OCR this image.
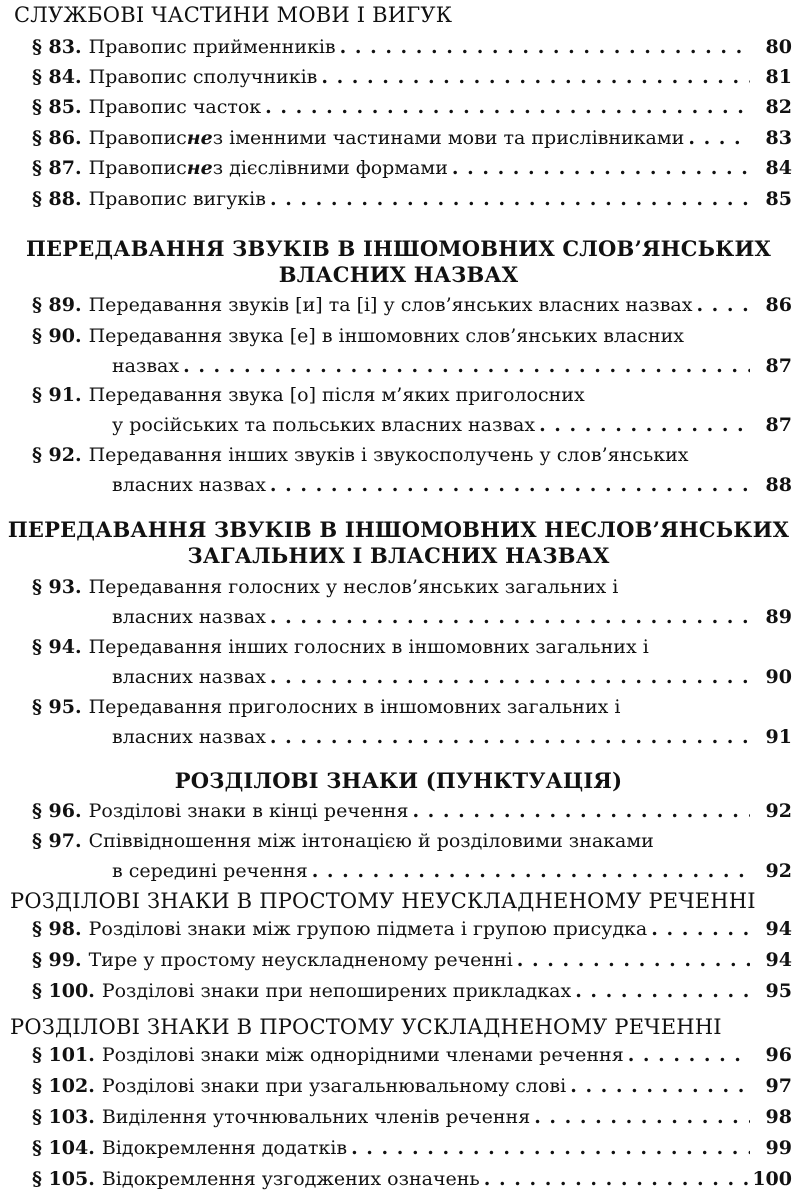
СЛУЖБОВІ ЧАСТИНИ МОВИ І ВИГУК
§ 83. Правопис прийменників . . .	80
§ 84. Правопис сполучників . . .	81
§ 85. Правопис часток . . .	82
§ 86. Правопис не з іменними частинами мови та прислівниками . . .	83
§ 87. Правопис не з дієслівними формами . . .	84
§ 88. Правопис вигуків . . .	85
ПЕРЕДАВАННЯ ЗВУКІВ В ІНШОМОВНИХ СЛОВ’ЯНСЬКИХ
ВЛАСНИХ НАЗВАХ
§ 89. Передавання звуків [и] та [і] у слов’янських власних назвах . . .	86
§ 90. Передавання звука [е] в іншомовних слов’янських власних
назвах . . .	87
§ 91. Передавання звука [о] після м’яких приголосних
у російських та польських власних назвах . . .	87
§ 92. Передавання інших звуків і звукосполучень у слов’янських
власних назвах . . .	88
ПЕРЕДАВАННЯ ЗВУКІВ В ІНШОМОВНИХ НЕСЛОВ’ЯНСЬКИХ
ЗАГАЛЬНИХ І ВЛАСНИХ НАЗВАХ
§ 93. Передавання голосних у неслов’янських загальних і
власних назвах . . .	89
§ 94. Передавання інших голосних в іншомовних загальних і
власних назвах . . .	90
§ 95. Передавання приголосних в іншомовних загальних і
власних назвах . . .	91
РОЗДІЛОВІ ЗНАКИ (ПУНКТУАЦІЯ)
§ 96. Розділові знаки в кінці речення . . .	92
§ 97. Співвідношення між інтонацією й розділовими знаками
в середині речення . . .	92
РОЗДІЛОВІ ЗНАКИ В ПРОСТОМУ НЕУСКЛАДНЕНОМУ РЕЧЕННІ
§ 98. Розділові знаки між групою підмета і групою присудка . . .	94
§ 99. Тире у простому неускладненому реченні . . .	94
§ 100. Розділові знаки при непоширених прикладках . . .	95
РОЗДІЛОВІ ЗНАКИ В ПРОСТОМУ УСКЛАДНЕНОМУ РЕЧЕННІ
§ 101. Розділові знаки між однорідними членами речення . . .	96
§ 102. Розділові знаки при узагальнювальному слові . . .	97
§ 103. Виділення уточнювальних членів речення . . .	98
§ 104. Відокремлення додатків . . .	99
§ 105. Відокремлення узгоджених означень . . .	100
